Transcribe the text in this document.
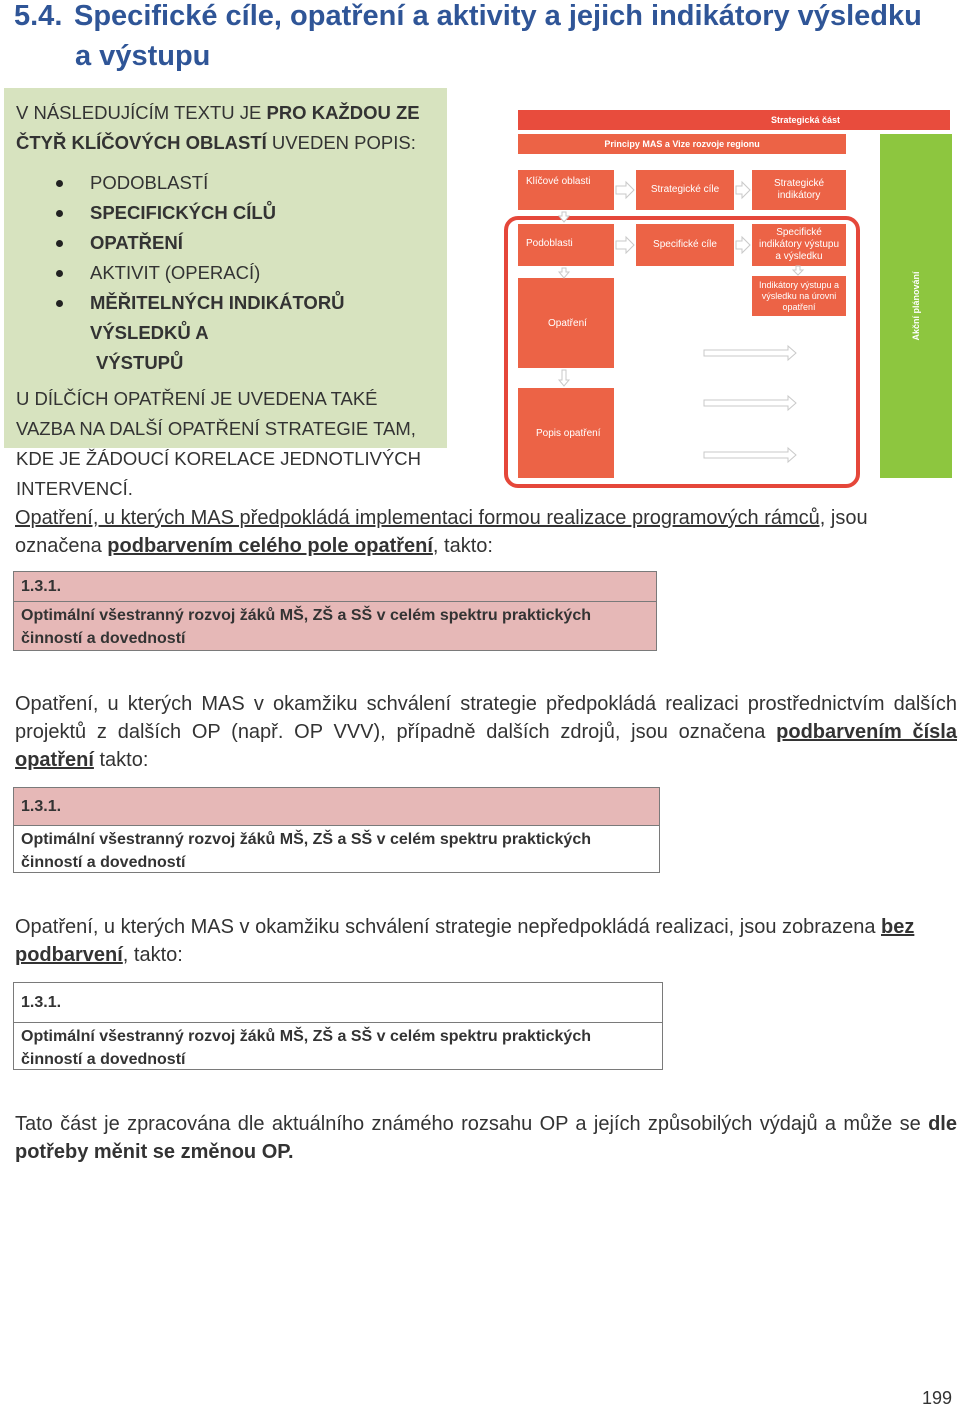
5.4. Specifické cíle, opatření a aktivity a jejich indikátory výsledku
a výstupu

V NÁSLEDUJÍCÍM TEXTU JE PRO KAŽDOU ZE ČTYŘ KLÍČOVÝCH OBLASTÍ UVEDEN POPIS:

PODOBLASTÍ
SPECIFICKÝCH CÍLŮ
OPATŘENÍ
AKTIVIT (OPERACÍ)
MĚŘITELNÝCH INDIKÁTORŮ VÝSLEDKŮ A
VÝSTUPŮ

U DÍLČÍCH OPATŘENÍ JE UVEDENA TAKÉ VAZBA NA DALŠÍ OPATŘENÍ STRATEGIE TAM, KDE JE ŽÁDOUCÍ KORELACE JEDNOTLIVÝCH INTERVENCÍ.

Strategická část
Principy MAS a Vize rozvoje regionu
Akční plánování
Klíčové oblasti
Strategické cíle
Strategické indikátory
Podoblasti	Specifické cíle
Specifické indikátory výstupu a výsledku
Opatření
Indikátory výstupu a výsledku na úrovni opatření
Popis opatření

Opatření, u kterých MAS předpokládá implementaci formou realizace programových rámců, jsou označena podbarvením celého pole opatření, takto:

1.3.1.
Optimální všestranný rozvoj žáků MŠ, ZŠ a SŠ v celém spektru praktických činností a dovedností

Opatření, u kterých MAS v okamžiku schválení strategie předpokládá realizaci prostřednictvím dalších projektů z dalších OP (např. OP VVV), případně dalších zdrojů, jsou označena podbarvením čísla opatření takto:

1.3.1.
Optimální všestranný rozvoj žáků MŠ, ZŠ a SŠ v celém spektru praktických činností a dovedností

Opatření, u kterých MAS v okamžiku schválení strategie nepředpokládá realizaci, jsou zobrazena bez podbarvení, takto:

1.3.1.
Optimální všestranný rozvoj žáků MŠ, ZŠ a SŠ v celém spektru praktických činností a dovedností

Tato část je zpracována dle aktuálního známého rozsahu OP a jejích způsobilých výdajů a může se dle potřeby měnit se změnou OP.

199
